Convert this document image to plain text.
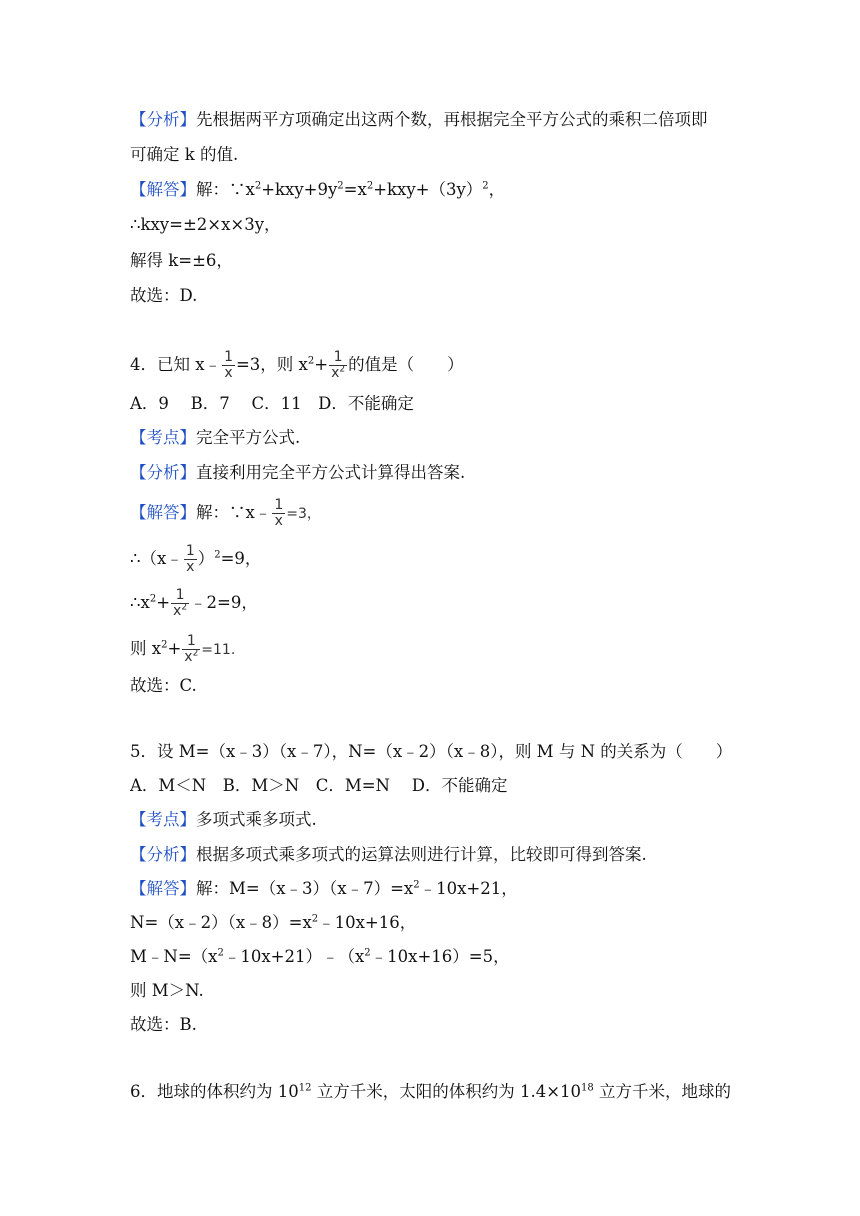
【分析】先根据两平方项确定出这两个数，再根据完全平方公式的乘积二倍项即
可确定 k 的值.
【解答】解：$\because x^2+kxy+9y^2=x^2+kxy+(3y)^2$，
∴kxy=±2×x×3y，
解得 k=±6，
故选：D.
4．已知 x﹣ $\frac{1}{x} =3$，则 $x^2+ \frac{1}{x^2}$ 的值是（　　）
A．9　 B．7　 C．11　D．不能确定
【考点】完全平方公式.
【分析】直接利用完全平方公式计算得出答案.
【解答】解：∵x﹣ $\frac{1}{x} =3$，
∴（x﹣ $\frac{1}{x} )^2=9$，
$\therefore x^2+ \frac{1}{x^2}$ ﹣2=9，
则 $x^2+ \frac{1}{x^2} =11$.
故选：C.
5．设 M=（x﹣3）（x﹣7），N=（x﹣2）（x﹣8），则 M 与 N 的关系为（　　）
A．M＜N　B．M＞N　C．M=N　 D．不能确定
【考点】多项式乘多项式.
【分析】根据多项式乘多项式的运算法则进行计算，比较即可得到答案.
【解答】解：$M=(x﹣3)(x﹣7)=x^2﹣10x+21$，
$N=(x﹣2)(x﹣8)=x^2﹣10x+16$，
$M﹣N=(x^2﹣10x+21)﹣(x^2﹣10x+16)=5$，
则 M＞N.
故选：B.
6．地球的体积约为 $10^{12}$ 立方千米，太阳的体积约为 $1.4\times 10^{18}$ 立方千米，地球的
